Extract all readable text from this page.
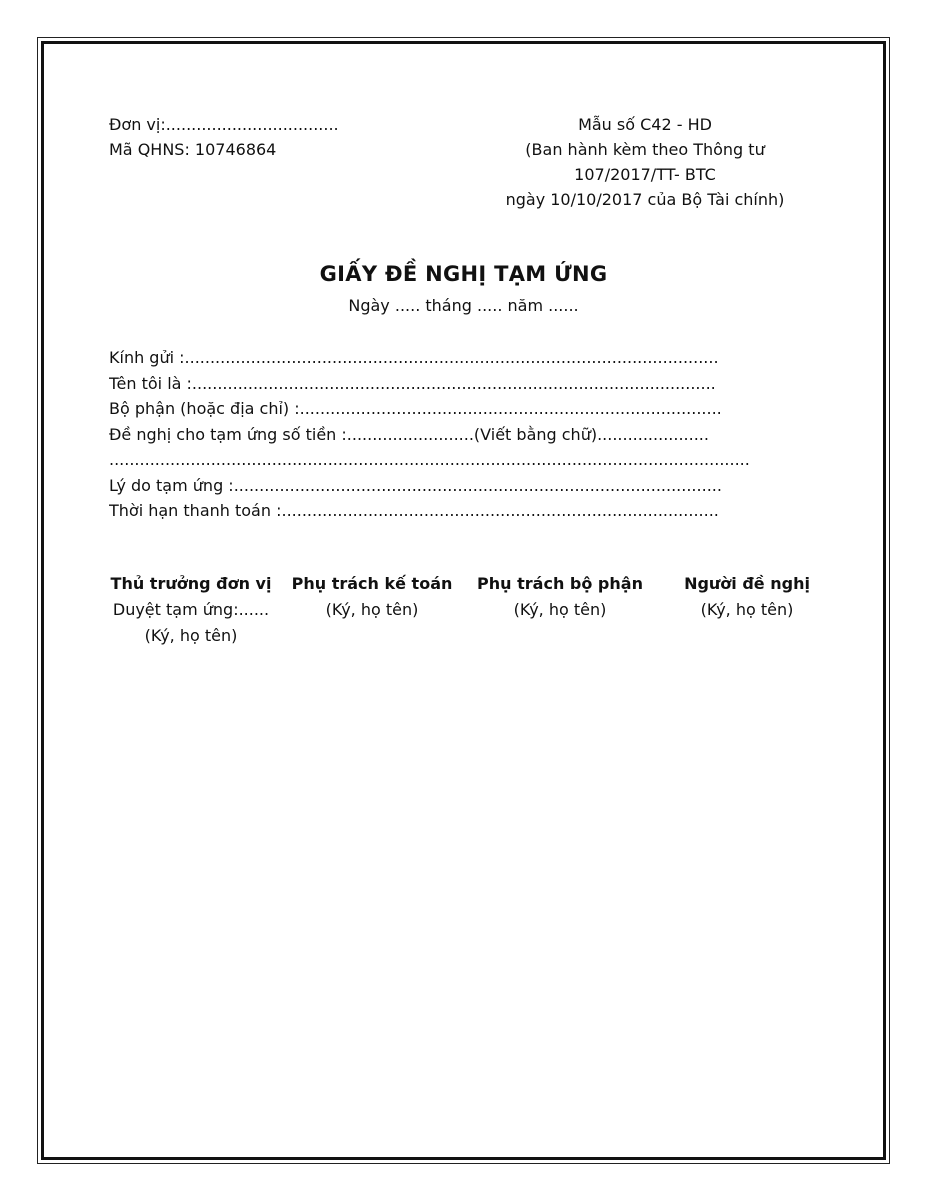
Đơn vị:..................................
Mã QHNS: 10746864
Mẫu số C42 - HD
(Ban hành kèm theo Thông tư
107/2017/TT- BTC
ngày 10/10/2017 của Bộ Tài chính)
GIẤY ĐỀ NGHỊ TẠM ỨNG
Ngày ..... tháng ..... năm ......
Kính gửi :.........................................................................................................
Tên tôi là :.......................................................................................................
Bộ phận (hoặc địa chỉ) :...................................................................................
Đề nghị cho tạm ứng số tiền :.........................(Viết bằng chữ)......................
..............................................................................................................................
Lý do tạm ứng :................................................................................................
Thời hạn thanh toán :......................................................................................
Thủ trưởng đơn vị
Duyệt tạm ứng:......
(Ký, họ tên)
Phụ trách kế toán
(Ký, họ tên)
Phụ trách bộ phận
(Ký, họ tên)
Người đề nghị
(Ký, họ tên)
